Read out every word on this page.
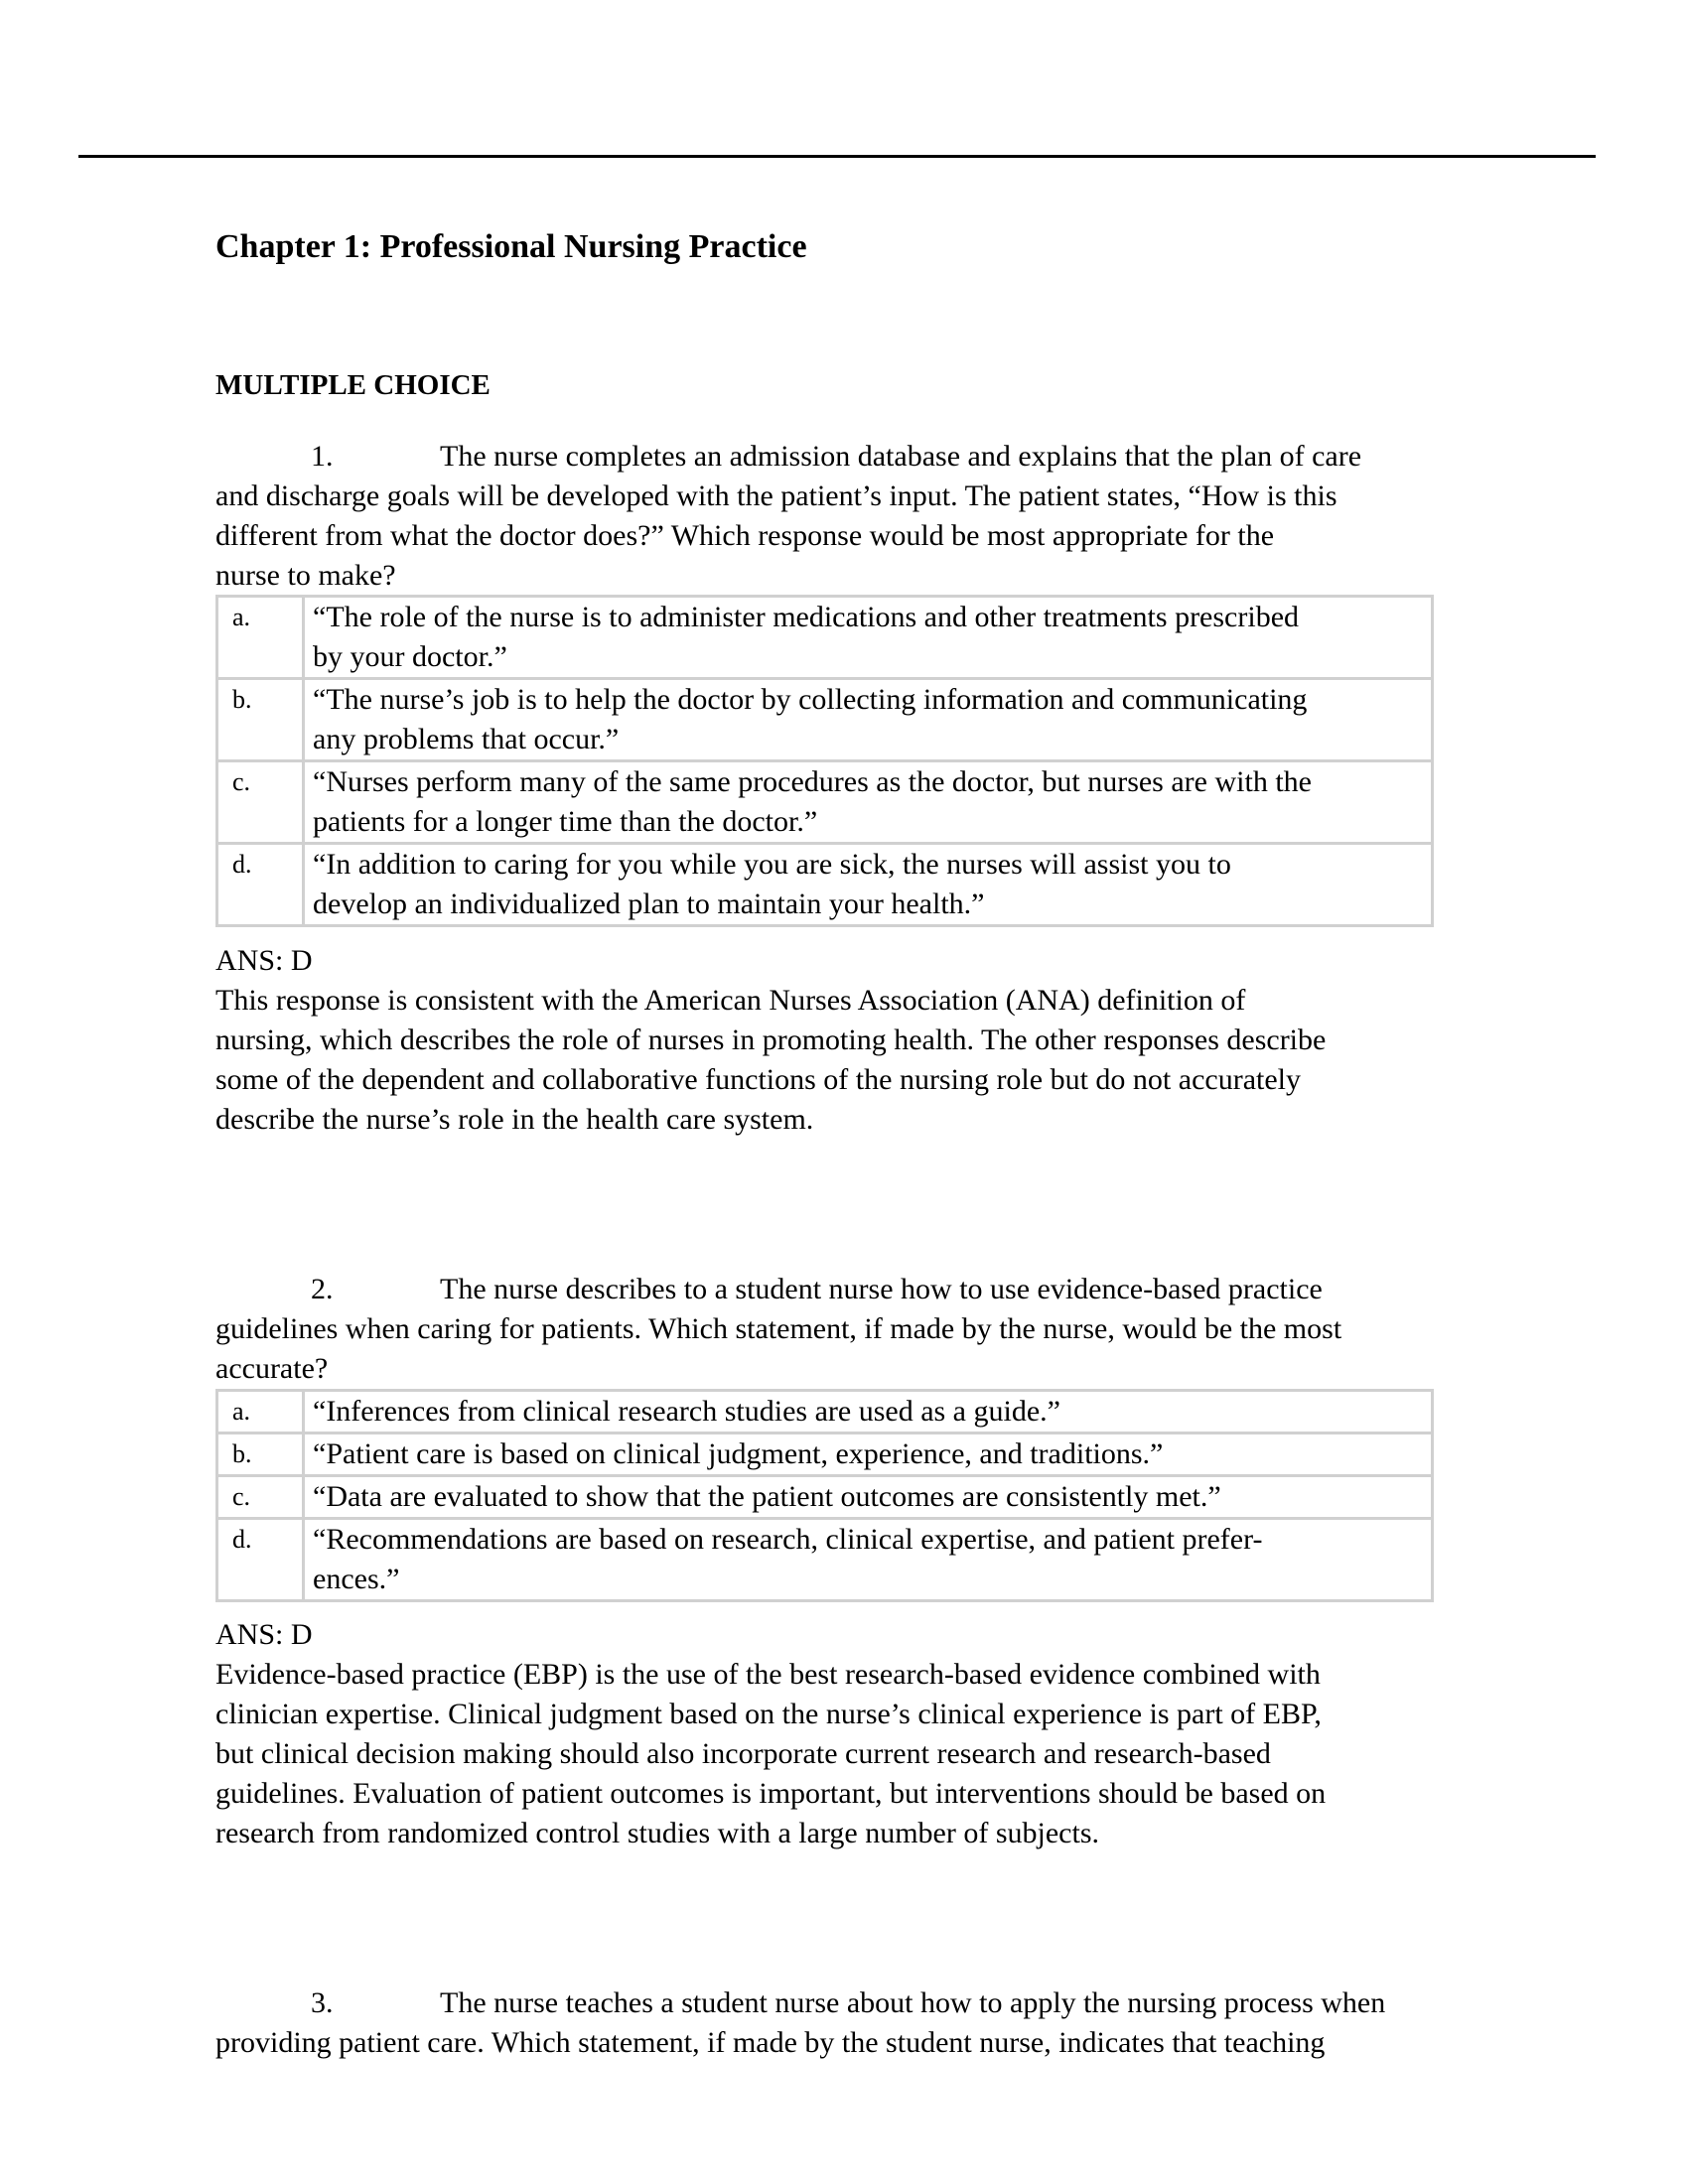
Chapter 1: Professional Nursing Practice
MULTIPLE CHOICE
1.	The nurse completes an admission database and explains that the plan of care
and discharge goals will be developed with the patient’s input. The patient states, “How is this
different from what the doctor does?” Which response would be most appropriate for the
nurse to make?
a.	“The role of the nurse is to administer medications and other treatments prescribed
by your doctor.”

b.	“The nurse’s job is to help the doctor by collecting information and communicating
any problems that occur.”

c.	“Nurses perform many of the same procedures as the doctor, but nurses are with the
patients for a longer time than the doctor.”

d.	“In addition to caring for you while you are sick, the nurses will assist you to
develop an individualized plan to maintain your health.”
ANS: D
This response is consistent with the American Nurses Association (ANA) definition of
nursing, which describes the role of nurses in promoting health. The other responses describe
some of the dependent and collaborative functions of the nursing role but do not accurately
describe the nurse’s role in the health care system.
2.	The nurse describes to a student nurse how to use evidence-based practice
guidelines when caring for patients. Which statement, if made by the nurse, would be the most
accurate?
a.	“Inferences from clinical research studies are used as a guide.”

b.	“Patient care is based on clinical judgment, experience, and traditions.”

c.	“Data are evaluated to show that the patient outcomes are consistently met.”

d.	“Recommendations are based on research, clinical expertise, and patient prefer-
ences.”
ANS: D
Evidence-based practice (EBP) is the use of the best research-based evidence combined with
clinician expertise. Clinical judgment based on the nurse’s clinical experience is part of EBP,
but clinical decision making should also incorporate current research and research-based
guidelines. Evaluation of patient outcomes is important, but interventions should be based on
research from randomized control studies with a large number of subjects.
3.	The nurse teaches a student nurse about how to apply the nursing process when
providing patient care. Which statement, if made by the student nurse, indicates that teaching
